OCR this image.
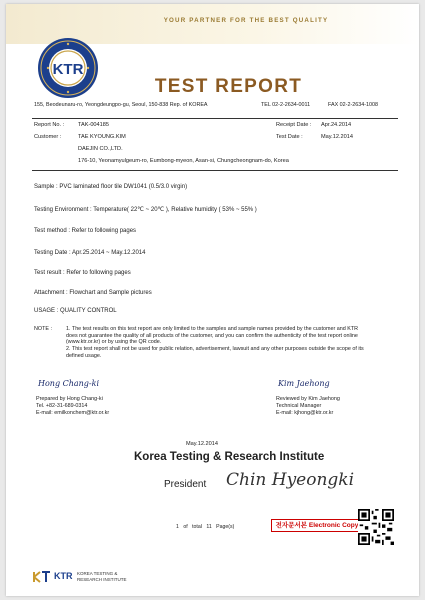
YOUR PARTNER FOR THE BEST QUALITY
KTR
TEST REPORT
155, Beodeunaru-ro, Yeongdeungpo-gu, Seoul, 150-838 Rep. of KOREA	TEL 02-2-2634-0011	FAX 02-2-2634-1008
Report No. : TAK-004185
Customer :	TAE KYOUNG.KIM
DAEJIN CO.,LTD.
176-10, Yeonamyulgeum-ro, Eumbong-myeon, Asan-si, Chungcheongnam-do, Korea
Receipt Date : Apr.24.2014
Test Date :	May.12.2014
Sample : PVC laminated floor tile DW1041 (0.5/3.0 virgin)
Testing Environment : Temperature( 22℃ ~ 20℃ ), Relative humidity ( 53% ~ 55% )
Test method : Refer to following pages
Testing Date : Apr.25.2014 ~ May.12.2014
Test result : Refer to following pages
Attachment : Flowchart and Sample pictures
USAGE : QUALITY CONTROL
NOTE :	1. The test results on this test report are only limited to the samples and sample names provided by the customer and KTR does not guarantee the quality of all products of the customer, and you can confirm the authenticity of the test report online (www.ktr.or.kr) or by using the QR code.
2. This test report shall not be used for public relation, advertisement, lawsuit and any other purposes outside the scope of its defined usage.
Hong Chang-ki
Prepared by Hong Chang-ki
Tel. +82-31-689-0314
E-mail: emilkonchem@ktr.or.kr
Kim Jaehong
Reviewed by Kim Jaehong
Technical Manager
E-mail: kjhong@ktr.or.kr
May.12.2014
Korea Testing & Research Institute
President Chin Hyeongki
1 of total 11 Page(s)	전자문서본 Electronic Copy
KTR KOREA TESTING &
RESEARCH INSTITUTE
